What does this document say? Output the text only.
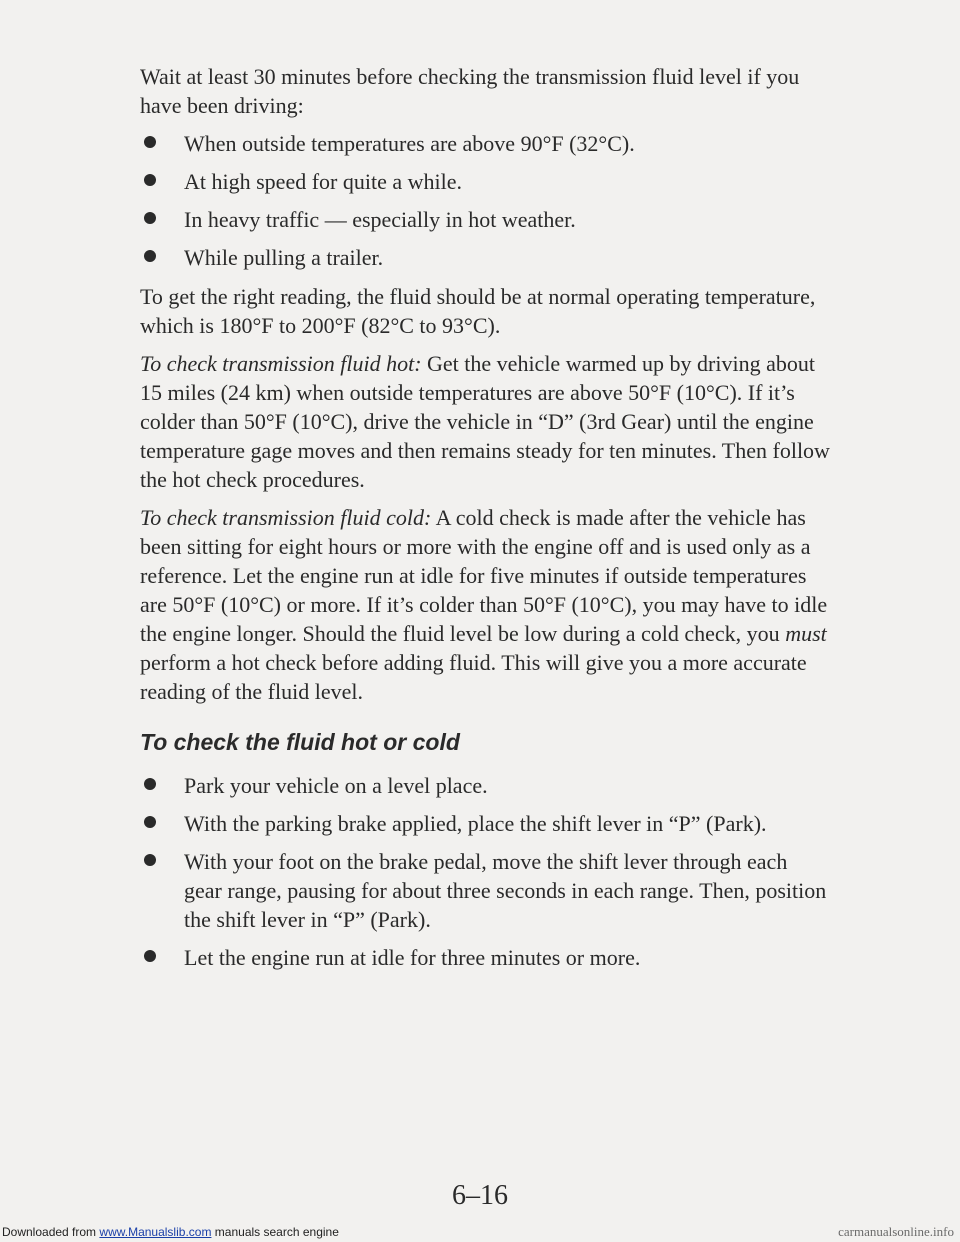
Wait at least 30 minutes before checking the transmission fluid level if you have been driving:

When outside temperatures are above 90°F (32°C).
At high speed for quite a while.
In heavy traffic — especially in hot weather.
While pulling a trailer.

To get the right reading, the fluid should be at normal operating temperature, which is 180°F to 200°F (82°C to 93°C).

To check transmission fluid hot: Get the vehicle warmed up by driving about 15 miles (24 km) when outside temperatures are above 50°F (10°C). If it’s colder than 50°F (10°C), drive the vehicle in “D” (3rd Gear) until the engine temperature gage moves and then remains steady for ten minutes. Then follow the hot check procedures.

To check transmission fluid cold: A cold check is made after the vehicle has been sitting for eight hours or more with the engine off and is used only as a reference. Let the engine run at idle for five minutes if outside temperatures are 50°F (10°C) or more. If it’s colder than 50°F (10°C), you may have to idle the engine longer. Should the fluid level be low during a cold check, you must perform a hot check before adding fluid. This will give you a more accurate reading of the fluid level.

To check the fluid hot or cold
Park your vehicle on a level place.
With the parking brake applied, place the shift lever in “P” (Park).
With your foot on the brake pedal, move the shift lever through each gear range, pausing for about three seconds in each range. Then, position the shift lever in “P” (Park).
Let the engine run at idle for three minutes or more.
6–16
Downloaded from www.Manualslib.com manuals search engine	carmanualsonline.info
